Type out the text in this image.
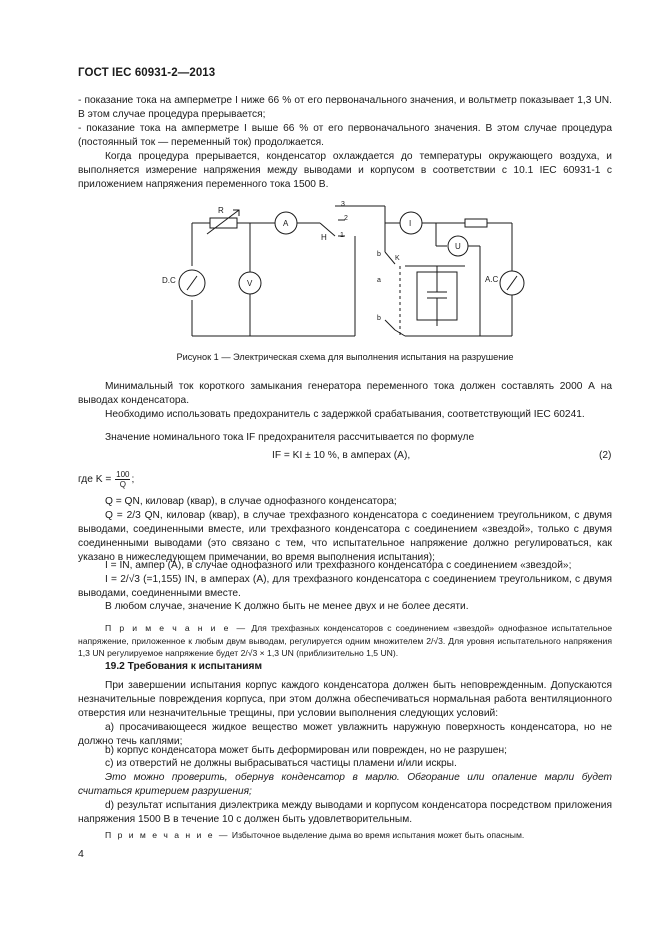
ГОСТ IEC 60931-2—2013

- показание тока на амперметре I ниже 66 % от его первоначального значения, и вольтметр показывает 1,3 UN. В этом случае процедура прерывается;

- показание тока на амперметре I выше 66 % от его первоначального значения. В этом случае процедура (постоянный ток — переменный ток) продолжается.

Когда процедура прерывается, конденсатор охлаждается до температуры окружающего воздуха, и выполняется измерение напряжения между выводами и корпусом в соответствии с 10.1 IEC 60931-1 с приложением напряжения переменного тока 1500 В.

R
A
V
D.C
H 1
2
3
I
A.C
U
b
K
a
b
Рисунок 1 — Электрическая схема для выполнения испытания на разрушение

Минимальный ток короткого замыкания генератора переменного тока должен составлять 2000 А на выводах конденсатора.

Необходимо использовать предохранитель с задержкой срабатывания, соответствующий IEC 60241.

Значение номинального тока IF предохранителя рассчитывается по формуле

IF = KI ± 10 %, в амперах (А),	(2)
где $K = \frac{100}{Q}$ ;

Q = QN, киловар (квар), в случае однофазного конденсатора;

Q = 2/3 QN, киловар (квар), в случае трехфазного конденсатора с соединением треугольником, с двумя выводами, соединенными вместе, или трехфазного конденсатора с соединением «звездой», только с двумя соединенными выводами (это связано с тем, что испытательное напряжение должно регулироваться, как указано в нижеследующем примечании, во время выполнения испытания);

I = IN, ампер (А), в случае однофазного или трехфазного конденсатора с соединением «звездой»;

I = 2/√3 (=1,155) IN, в амперах (А), для трехфазного конденсатора с соединением треугольником, с двумя выводами, соединенными вместе.

В любом случае, значение K должно быть не менее двух и не более десяти.

П р и м е ч а н и е — Для трехфазных конденсаторов с соединением «звездой» однофазное испытательное напряжение, приложенное к любым двум выводам, регулируется одним множителем 2/√3. Для уровня испытательного напряжения 1,3 UN регулируемое напряжение будет 2/√3 × 1,3 UN (приблизительно 1,5 UN).

19.2 Требования к испытаниям

При завершении испытания корпус каждого конденсатора должен быть неповрежденным. Допускаются незначительные повреждения корпуса, при этом должна обеспечиваться нормальная работа вентиляционного отверстия или незначительные трещины, при условии выполнения следующих условий:

а) просачивающееся жидкое вещество может увлажнить наружную поверхность конденсатора, но не должно течь каплями;

b) корпус конденсатора может быть деформирован или поврежден, но не разрушен;

с) из отверстий не должны выбрасываться частицы пламени и/или искры.

Это можно проверить, обернув конденсатор в марлю. Обгорание или опаление марли будет считаться критерием разрушения;

d) результат испытания диэлектрика между выводами и корпусом конденсатора посредством приложения напряжения 1500 В в течение 10 с должен быть удовлетворительным.

П р и м е ч а н и е — Избыточное выделение дыма во время испытания может быть опасным.

4
